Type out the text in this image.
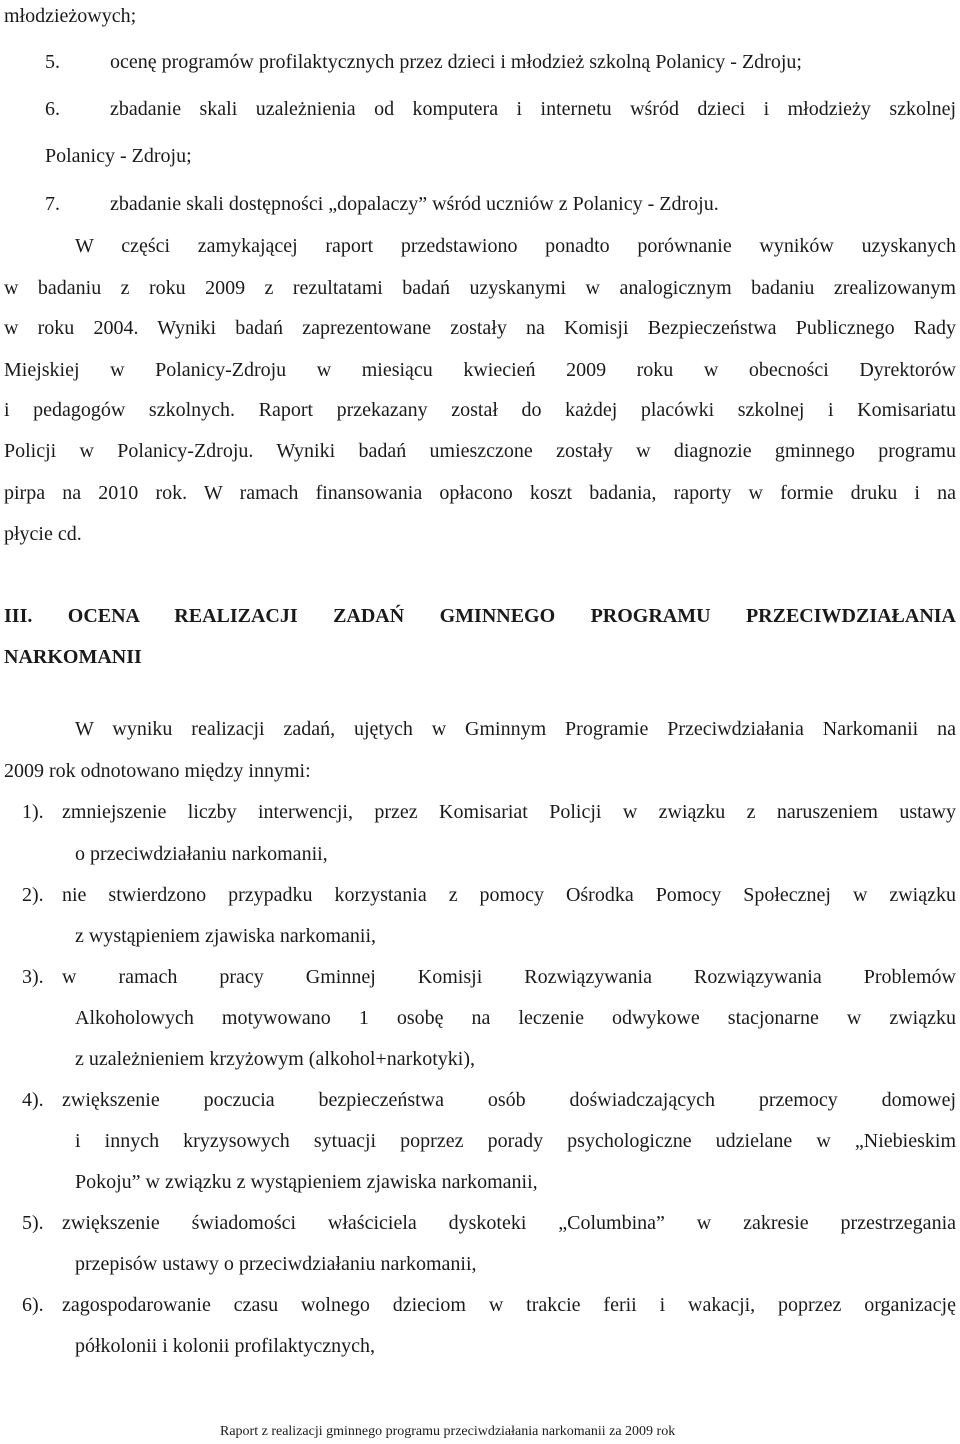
młodzieżowych;
5.	ocenę programów profilaktycznych przez dzieci i młodzież szkolną Polanicy - Zdroju;
6.	zbadanie skali uzależnienia od komputera i internetu wśród dzieci i młodzieży szkolnej
Polanicy - Zdroju;
7.	zbadanie skali dostępności „dopalaczy” wśród uczniów z Polanicy - Zdroju.
W części zamykającej raport przedstawiono ponadto porównanie wyników uzyskanych
w badaniu z roku 2009 z rezultatami badań uzyskanymi w analogicznym badaniu zrealizowanym
w roku 2004. Wyniki badań zaprezentowane zostały na Komisji Bezpieczeństwa Publicznego Rady
Miejskiej w Polanicy-Zdroju w miesiącu kwiecień 2009 roku w obecności Dyrektorów
i pedagogów szkolnych. Raport przekazany został do każdej placówki szkolnej i Komisariatu
Policji w Polanicy-Zdroju. Wyniki badań umieszczone zostały w diagnozie gminnego programu
pirpa na 2010 rok. W ramach finansowania opłacono koszt badania, raporty w formie druku i na
płycie cd.
III. OCENA REALIZACJI ZADAŃ GMINNEGO PROGRAMU PRZECIWDZIAŁANIA
NARKOMANII
W wyniku realizacji zadań, ujętych w Gminnym Programie Przeciwdziałania Narkomanii na
2009 rok odnotowano między innymi:
1). zmniejszenie liczby interwencji, przez Komisariat Policji w związku z naruszeniem ustawy
o przeciwdziałaniu narkomanii,
2). nie stwierdzono przypadku korzystania z pomocy Ośrodka Pomocy Społecznej w związku
z wystąpieniem zjawiska narkomanii,
3). w ramach pracy Gminnej Komisji Rozwiązywania Rozwiązywania Problemów
Alkoholowych motywowano 1 osobę na leczenie odwykowe stacjonarne w związku
z uzależnieniem krzyżowym (alkohol+narkotyki),
4). zwiększenie poczucia bezpieczeństwa osób doświadczających przemocy domowej
i innych kryzysowych sytuacji poprzez porady psychologiczne udzielane w „Niebieskim
Pokoju” w związku z wystąpieniem zjawiska narkomanii,
5). zwiększenie świadomości właściciela dyskoteki „Columbina” w zakresie przestrzegania
przepisów ustawy o przeciwdziałaniu narkomanii,
6). zagospodarowanie czasu wolnego dzieciom w trakcie ferii i wakacji, poprzez organizację
półkolonii i kolonii profilaktycznych,
Raport z realizacji gminnego programu przeciwdziałania narkomanii za 2009 rok
